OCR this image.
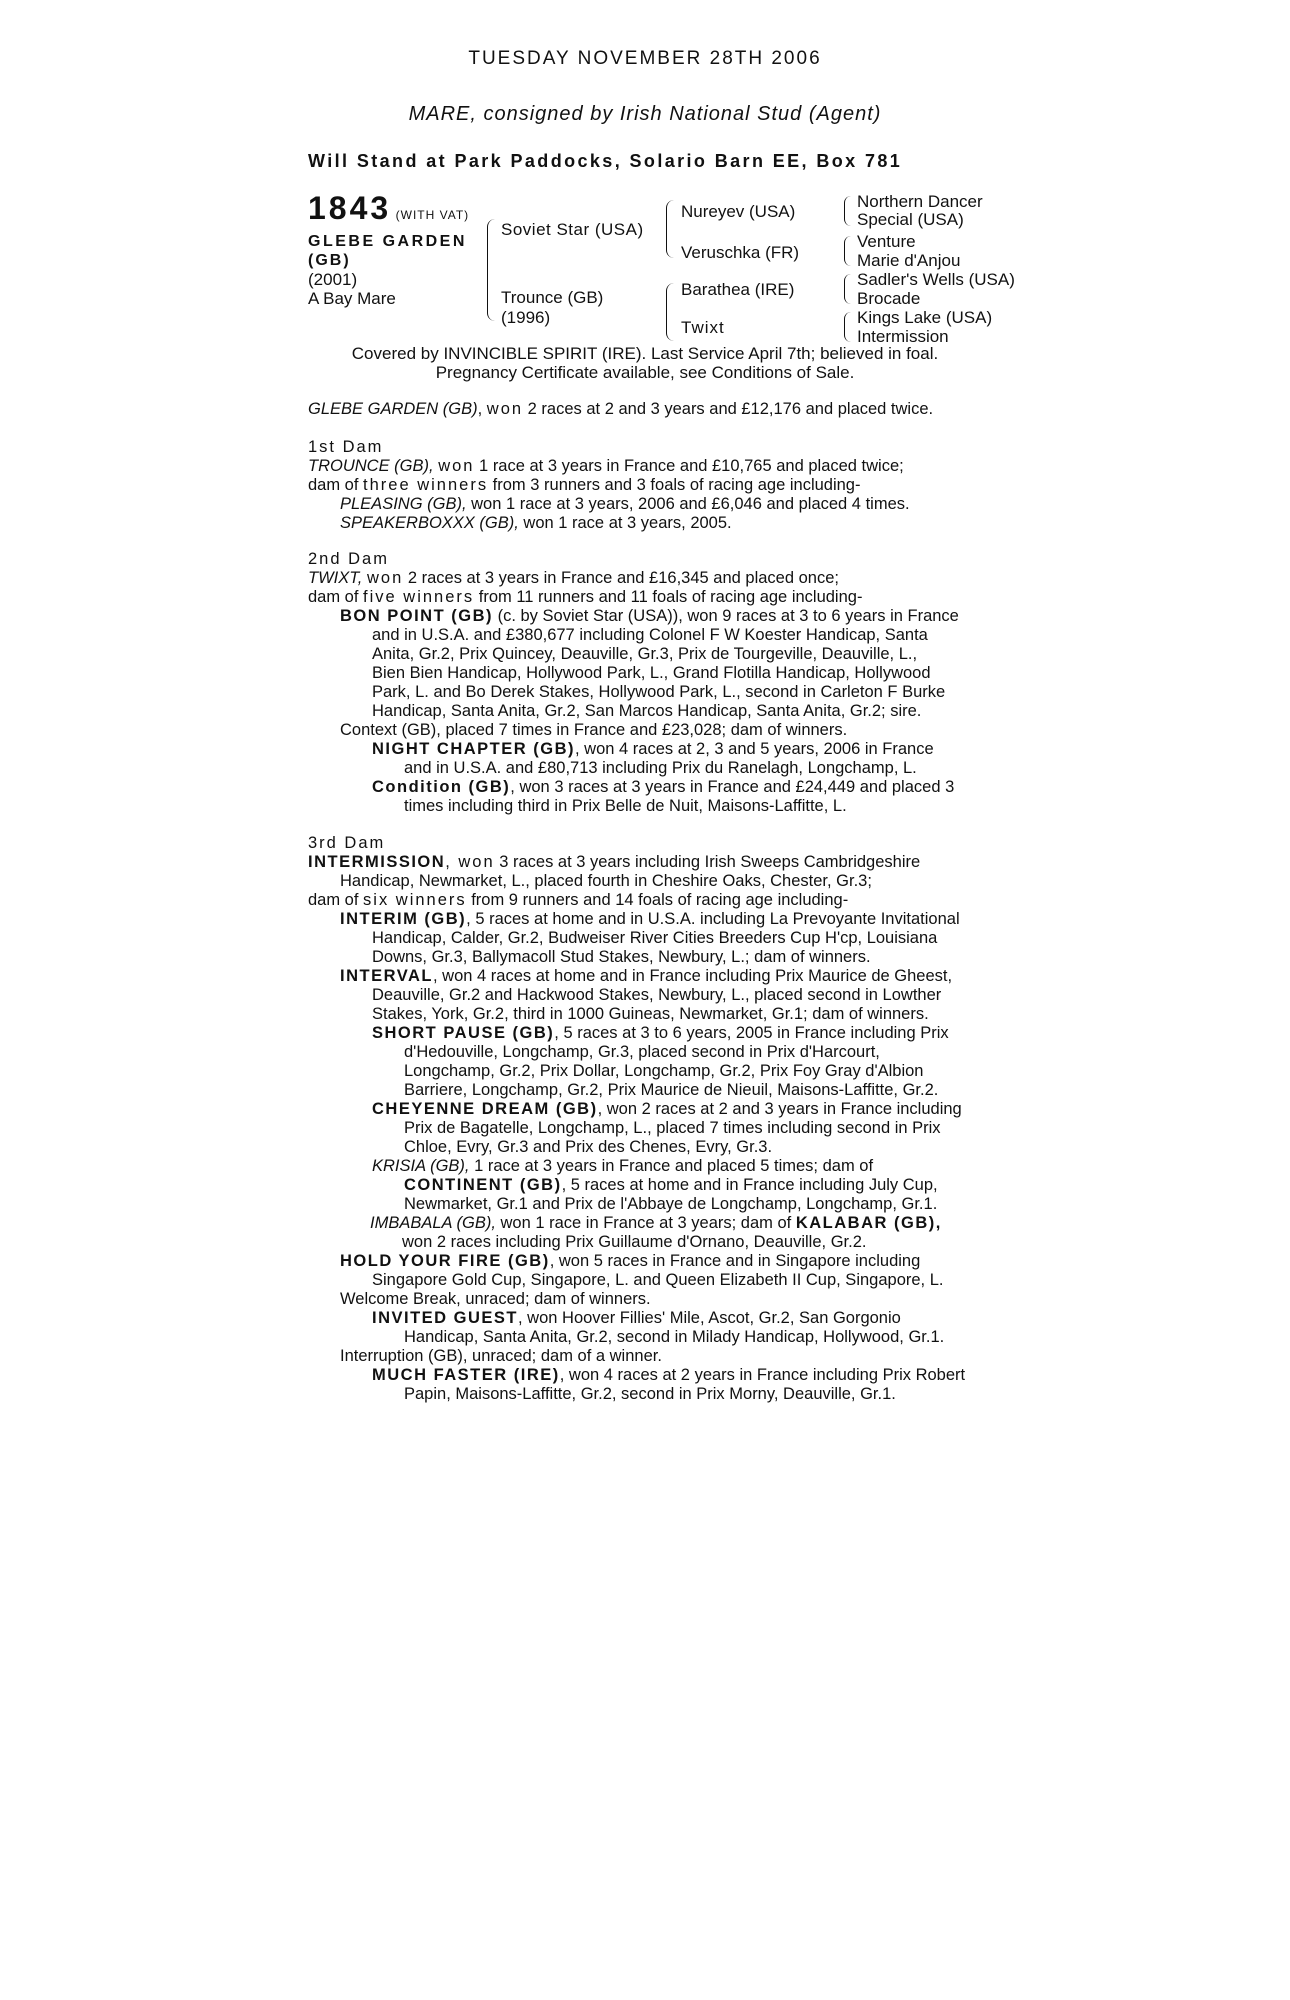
TUESDAY NOVEMBER 28TH 2006
MARE, consigned by Irish National Stud (Agent)
Will Stand at Park Paddocks, Solario Barn EE, Box 781
1843 (WITH VAT)
GLEBE GARDEN
(GB)
(2001)
A Bay Mare
Soviet Star (USA)
Trounce (GB)
(1996)
Nureyev (USA)
Veruschka (FR)
Barathea (IRE)
Twixt
Northern Dancer
Special (USA)
Venture
Marie d'Anjou
Sadler's Wells (USA)
Brocade
Kings Lake (USA)
Intermission
Covered by INVINCIBLE SPIRIT (IRE). Last Service April 7th; believed in foal.
Pregnancy Certificate available, see Conditions of Sale.
GLEBE GARDEN (GB), won 2 races at 2 and 3 years and £12,176 and placed twice.
1st Dam
TROUNCE (GB), won 1 race at 3 years in France and £10,765 and placed twice;
dam of three winners from 3 runners and 3 foals of racing age including-
PLEASING (GB), won 1 race at 3 years, 2006 and £6,046 and placed 4 times.
SPEAKERBOXXX (GB), won 1 race at 3 years, 2005.
2nd Dam
TWIXT, won 2 races at 3 years in France and £16,345 and placed once;
dam of five winners from 11 runners and 11 foals of racing age including-
BON POINT (GB) (c. by Soviet Star (USA)), won 9 races at 3 to 6 years in France
and in U.S.A. and £380,677 including Colonel F W Koester Handicap, Santa
Anita, Gr.2, Prix Quincey, Deauville, Gr.3, Prix de Tourgeville, Deauville, L.,
Bien Bien Handicap, Hollywood Park, L., Grand Flotilla Handicap, Hollywood
Park, L. and Bo Derek Stakes, Hollywood Park, L., second in Carleton F Burke
Handicap, Santa Anita, Gr.2, San Marcos Handicap, Santa Anita, Gr.2; sire.
Context (GB), placed 7 times in France and £23,028; dam of winners.
NIGHT CHAPTER (GB), won 4 races at 2, 3 and 5 years, 2006 in France
and in U.S.A. and £80,713 including Prix du Ranelagh, Longchamp, L.
Condition (GB), won 3 races at 3 years in France and £24,449 and placed 3
times including third in Prix Belle de Nuit, Maisons-Laffitte, L.
3rd Dam
INTERMISSION, won 3 races at 3 years including Irish Sweeps Cambridgeshire
Handicap, Newmarket, L., placed fourth in Cheshire Oaks, Chester, Gr.3;
dam of six winners from 9 runners and 14 foals of racing age including-
INTERIM (GB), 5 races at home and in U.S.A. including La Prevoyante Invitational
Handicap, Calder, Gr.2, Budweiser River Cities Breeders Cup H'cp, Louisiana
Downs, Gr.3, Ballymacoll Stud Stakes, Newbury, L.; dam of winners.
INTERVAL, won 4 races at home and in France including Prix Maurice de Gheest,
Deauville, Gr.2 and Hackwood Stakes, Newbury, L., placed second in Lowther
Stakes, York, Gr.2, third in 1000 Guineas, Newmarket, Gr.1; dam of winners.
SHORT PAUSE (GB), 5 races at 3 to 6 years, 2005 in France including Prix
d'Hedouville, Longchamp, Gr.3, placed second in Prix d'Harcourt,
Longchamp, Gr.2, Prix Dollar, Longchamp, Gr.2, Prix Foy Gray d'Albion
Barriere, Longchamp, Gr.2, Prix Maurice de Nieuil, Maisons-Laffitte, Gr.2.
CHEYENNE DREAM (GB), won 2 races at 2 and 3 years in France including
Prix de Bagatelle, Longchamp, L., placed 7 times including second in Prix
Chloe, Evry, Gr.3 and Prix des Chenes, Evry, Gr.3.
KRISIA (GB), 1 race at 3 years in France and placed 5 times; dam of
CONTINENT (GB), 5 races at home and in France including July Cup,
Newmarket, Gr.1 and Prix de l'Abbaye de Longchamp, Longchamp, Gr.1.
IMBABALA (GB), won 1 race in France at 3 years; dam of KALABAR (GB),
won 2 races including Prix Guillaume d'Ornano, Deauville, Gr.2.
HOLD YOUR FIRE (GB), won 5 races in France and in Singapore including
Singapore Gold Cup, Singapore, L. and Queen Elizabeth II Cup, Singapore, L.
Welcome Break, unraced; dam of winners.
INVITED GUEST, won Hoover Fillies' Mile, Ascot, Gr.2, San Gorgonio
Handicap, Santa Anita, Gr.2, second in Milady Handicap, Hollywood, Gr.1.
Interruption (GB), unraced; dam of a winner.
MUCH FASTER (IRE), won 4 races at 2 years in France including Prix Robert
Papin, Maisons-Laffitte, Gr.2, second in Prix Morny, Deauville, Gr.1.
